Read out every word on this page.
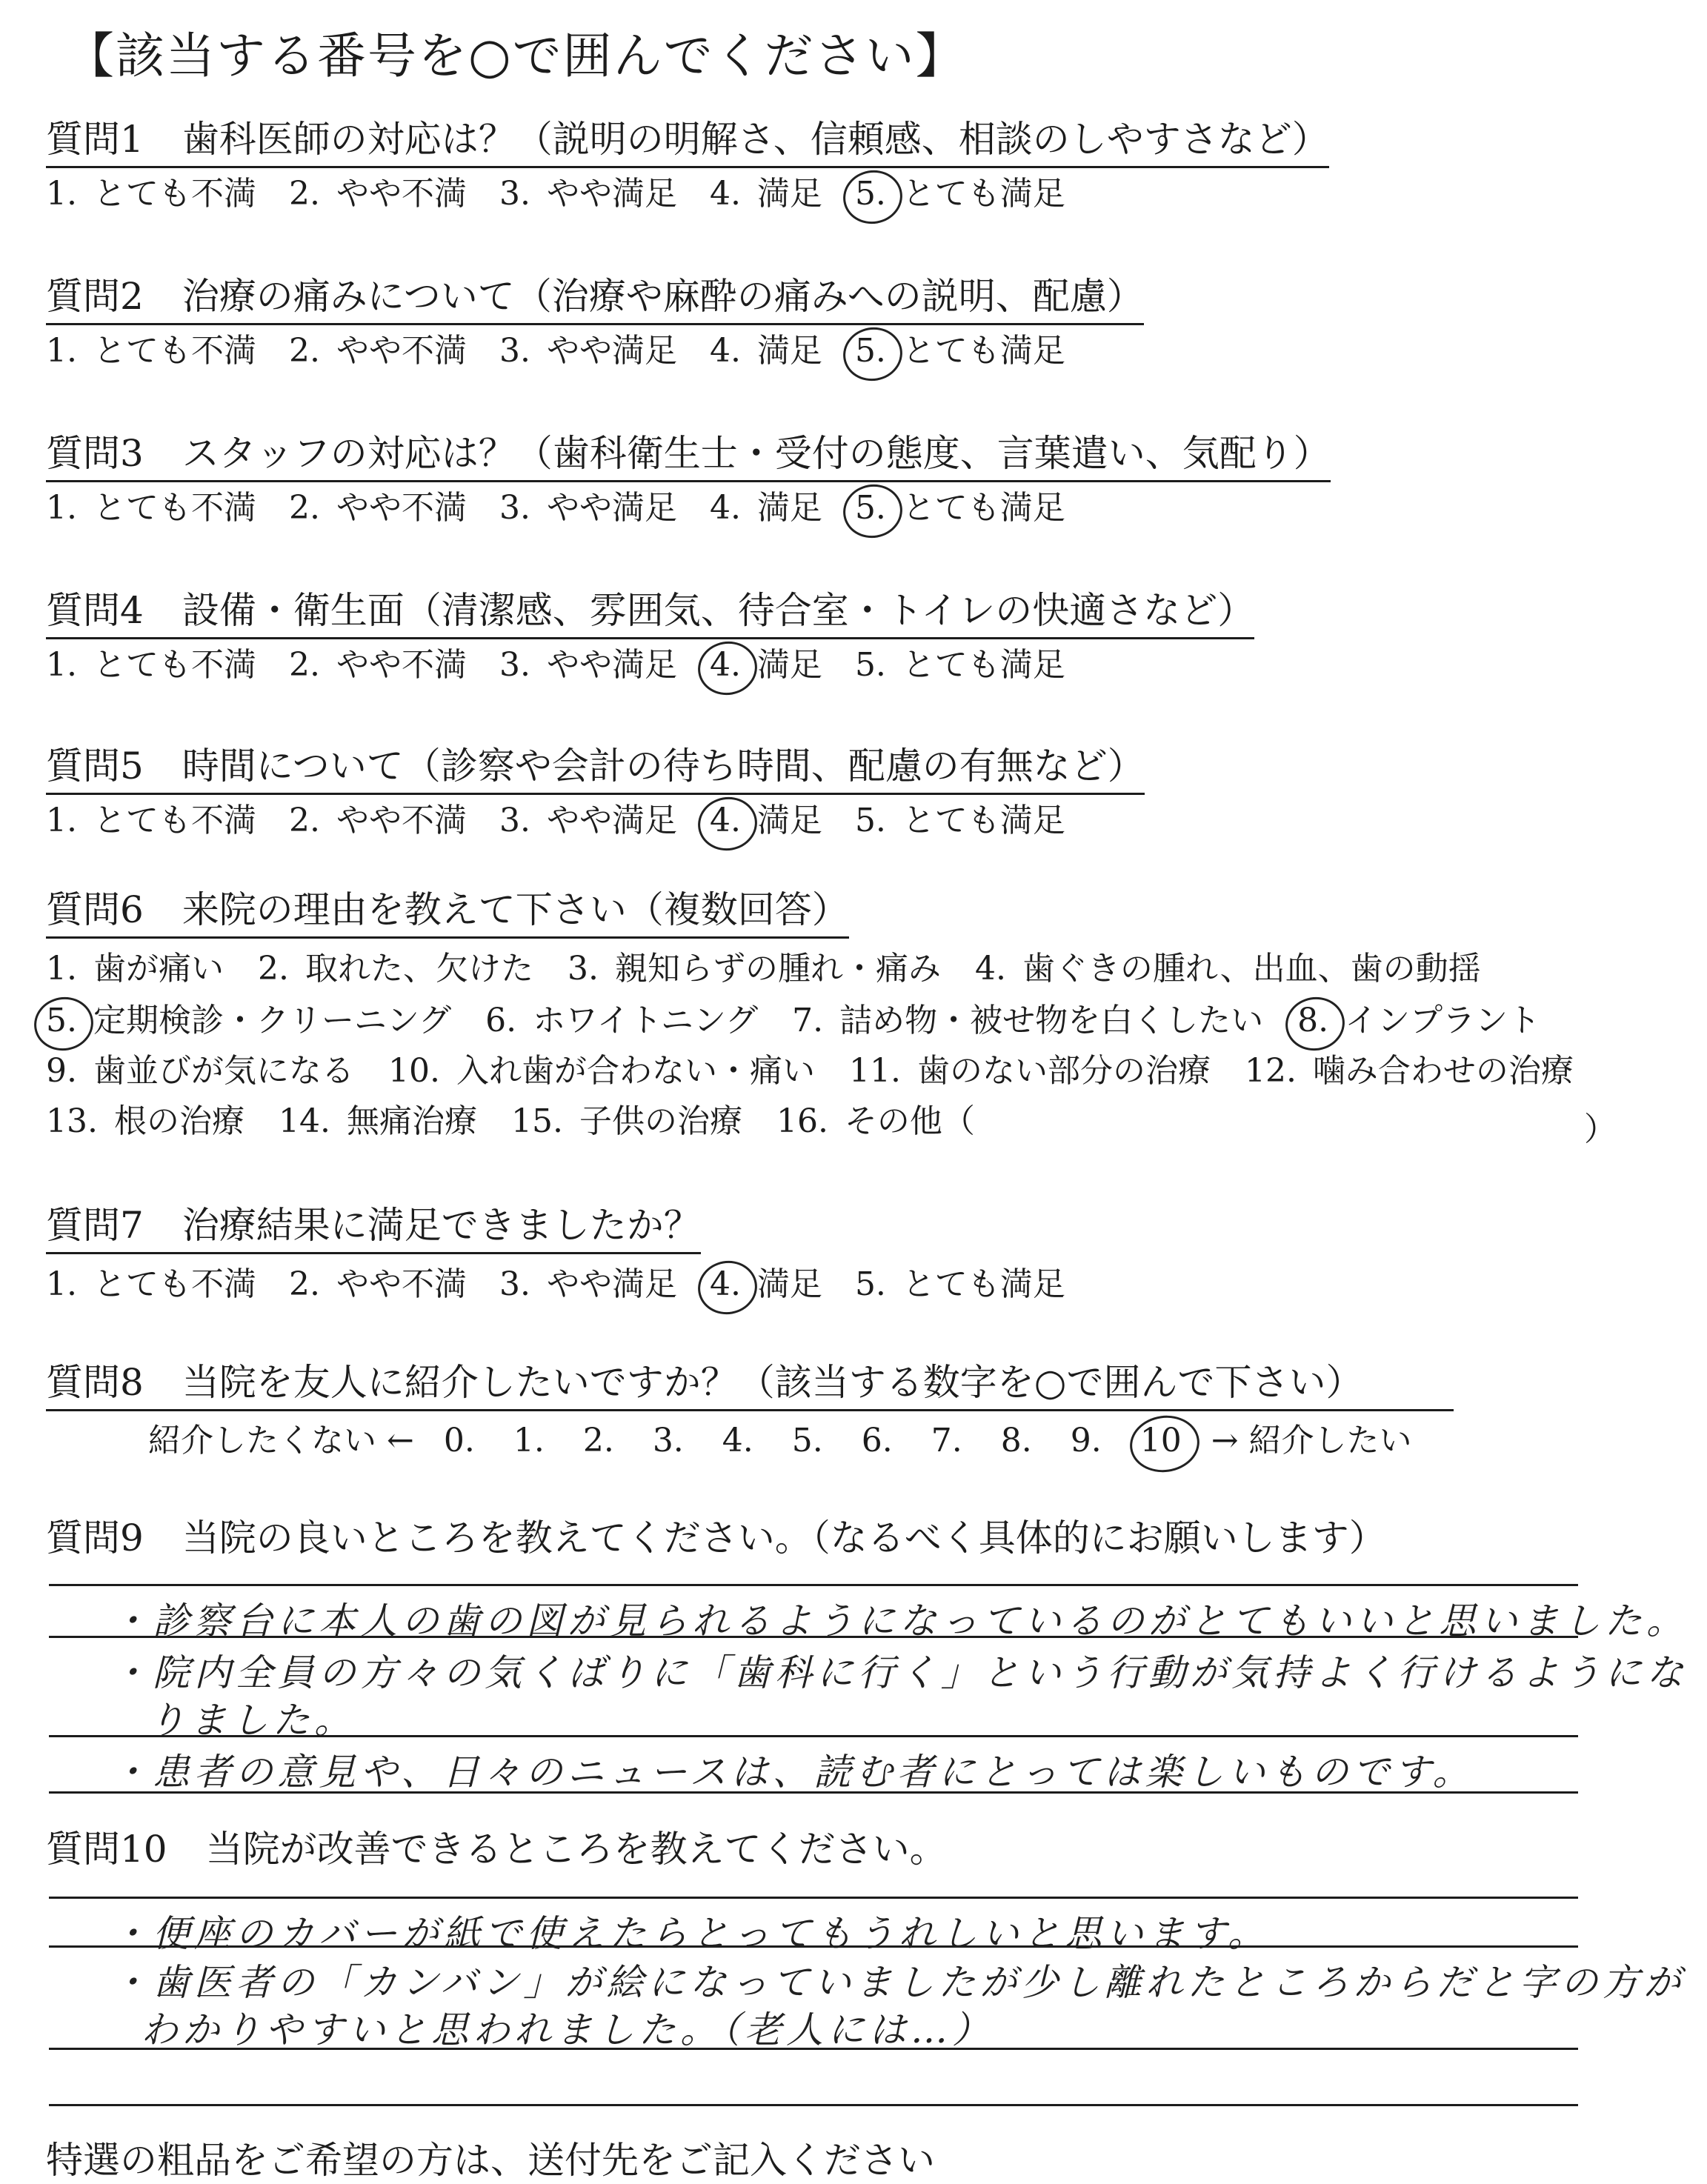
【該当する番号を○で囲んでください】
質問1 歯科医師の対応は？（説明の明解さ、信頼感、相談のしやすさなど）
1. とても不満 2. やや不満 3. やや満足 4. 満足 5. とても満足
質問2 治療の痛みについて（治療や麻酔の痛みへの説明、配慮）
1. とても不満 2. やや不満 3. やや満足 4. 満足 5. とても満足
質問3 スタッフの対応は？（歯科衛生士・受付の態度、言葉遣い、気配り）
1. とても不満 2. やや不満 3. やや満足 4. 満足 5. とても満足
質問4 設備・衛生面（清潔感、雰囲気、待合室・トイレの快適さなど）
1. とても不満 2. やや不満 3. やや満足 4. 満足 5. とても満足
質問5 時間について（診察や会計の待ち時間、配慮の有無など）
1. とても不満 2. やや不満 3. やや満足 4. 満足 5. とても満足
質問6 来院の理由を教えて下さい（複数回答）
1. 歯が痛い 2. 取れた、欠けた 3. 親知らずの腫れ・痛み 4. 歯ぐきの腫れ、出血、歯の動揺
5. 定期検診・クリーニング 6. ホワイトニング 7. 詰め物・被せ物を白くしたい 8. インプラント
9. 歯並びが気になる 10. 入れ歯が合わない・痛い 11. 歯のない部分の治療 12. 噛み合わせの治療
13. 根の治療 14. 無痛治療 15. 子供の治療 16. その他（	）
質問7 治療結果に満足できましたか？
1. とても不満 2. やや不満 3. やや満足 4. 満足 5. とても満足
質問8 当院を友人に紹介したいですか？（該当する数字を○で囲んで下さい）
紹介したくない ← 0. 1. 2. 3. 4. 5. 6. 7. 8. 9. 10 → 紹介したい
質問9 当院の良いところを教えてください。（なるべく具体的にお願いします）
・診察台に本人の歯の図が見られるようになっているのがとてもいいと思いました。
・院内全員の方々の気くばりに「歯科に行く」という行動が気持よく行けるようにな
りました。
・患者の意見や、日々のニュースは、読む者にとっては楽しいものです。
質問10 当院が改善できるところを教えてください。
・便座のカバーが紙で使えたらとってもうれしいと思います。
・歯医者の「カンバン」が絵になっていましたが少し離れたところからだと字の方が
わかりやすいと思われました。（老人には…）
特選の粗品をご希望の方は、送付先をご記入ください
